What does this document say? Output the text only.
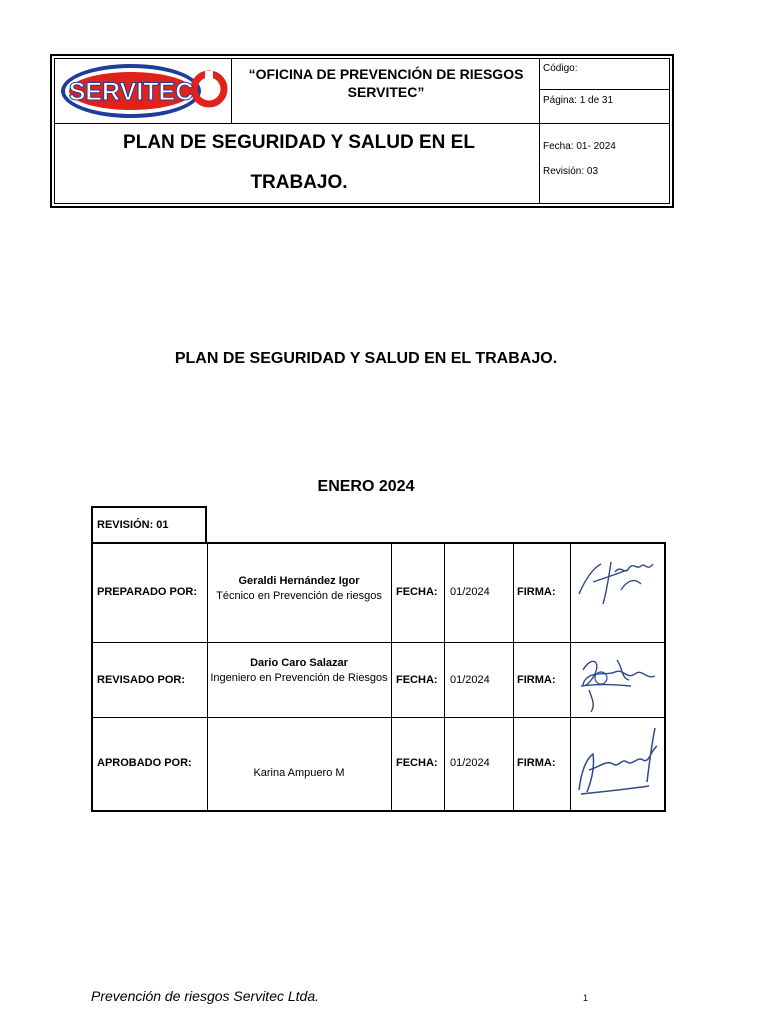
SERVITEC
“OFICINA DE PREVENCIÓN DE RIESGOS SERVITEC”
Código:
Página: 1 de 31
Fecha: 01- 2024
Revisión: 03
PLAN DE SEGURIDAD Y SALUD EN EL
TRABAJO.
PLAN DE SEGURIDAD Y SALUD EN EL TRABAJO.
ENERO 2024
REVISIÓN: 01
PREPARADO POR:
Geraldi Hernández Igor
Técnico en Prevención de riesgos	FECHA: 01/2024 FIRMA:
REVISADO POR:
Dario Caro Salazar
Ingeniero en Prevención de Riesgos FECHA: 01/2024 FIRMA:
APROBADO POR:
Karina Ampuero M
FECHA: 01/2024 FIRMA:
Prevención de riesgos Servitec Ltda.	1
